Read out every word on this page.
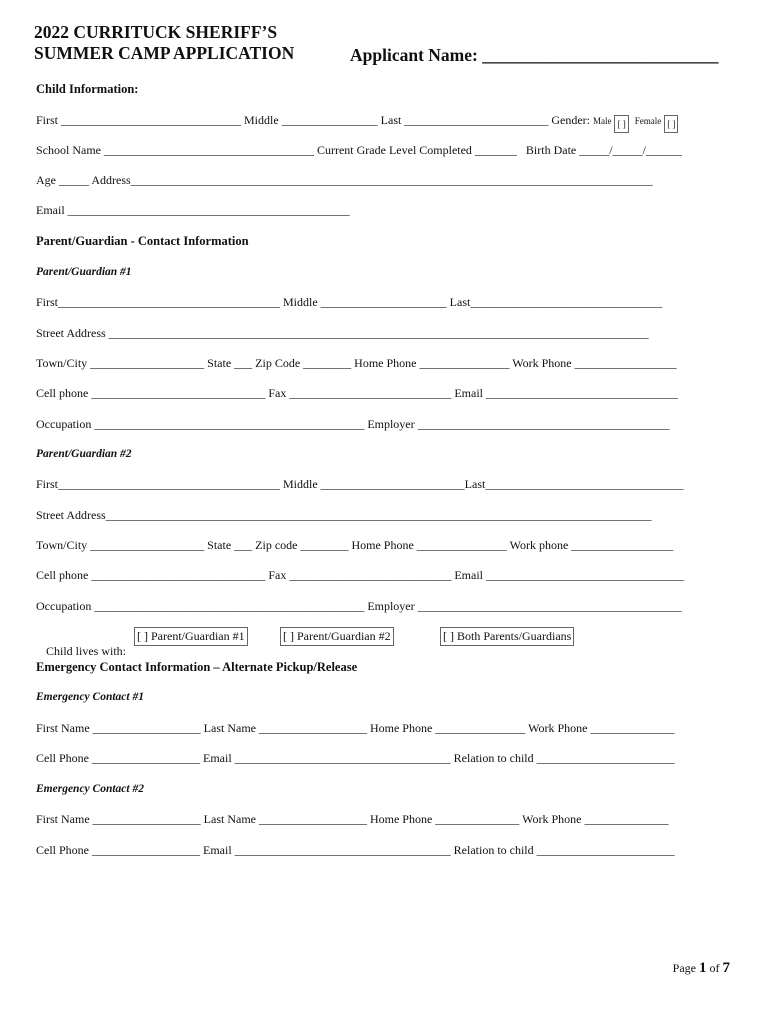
2022 CURRITUCK SHERIFF’S
SUMMER CAMP APPLICATION	Applicant Name: ___________________________
Child Information:
First ______________________________ Middle ________________ Last ________________________ Gender: Male [ ] Female [ ]
School Name ___________________________________ Current Grade Level Completed _______   Birth Date _____/_____/______
Age _____ Address_______________________________________________________________________________________
Email _______________________________________________
Parent/Guardian - Contact Information
Parent/Guardian #1
First_____________________________________ Middle _____________________ Last________________________________
Street Address __________________________________________________________________________________________
Town/City ___________________ State ___ Zip Code ________ Home Phone _______________ Work Phone _________________
Cell phone _____________________________ Fax ___________________________ Email ________________________________
Occupation _____________________________________________ Employer __________________________________________
Parent/Guardian #2
First_____________________________________ Middle ________________________Last_________________________________
Street Address___________________________________________________________________________________________
Town/City ___________________ State ___ Zip code ________ Home Phone _______________ Work phone _________________
Cell phone _____________________________ Fax ___________________________ Email _________________________________
Occupation _____________________________________________ Employer ____________________________________________

Child lives with:

[ ] Parent/Guardian #1

	[ ] Parent/Guardian #2

	[ ] Both Parents/Guardians

Emergency Contact Information – Alternate Pickup/Release
Emergency Contact #1
First Name __________________ Last Name __________________ Home Phone _______________ Work Phone ______________
Cell Phone __________________ Email ____________________________________ Relation to child _______________________
Emergency Contact #2
First Name __________________ Last Name __________________ Home Phone ______________ Work Phone ______________
Cell Phone __________________ Email ____________________________________ Relation to child _______________________
Page 1 of 7
